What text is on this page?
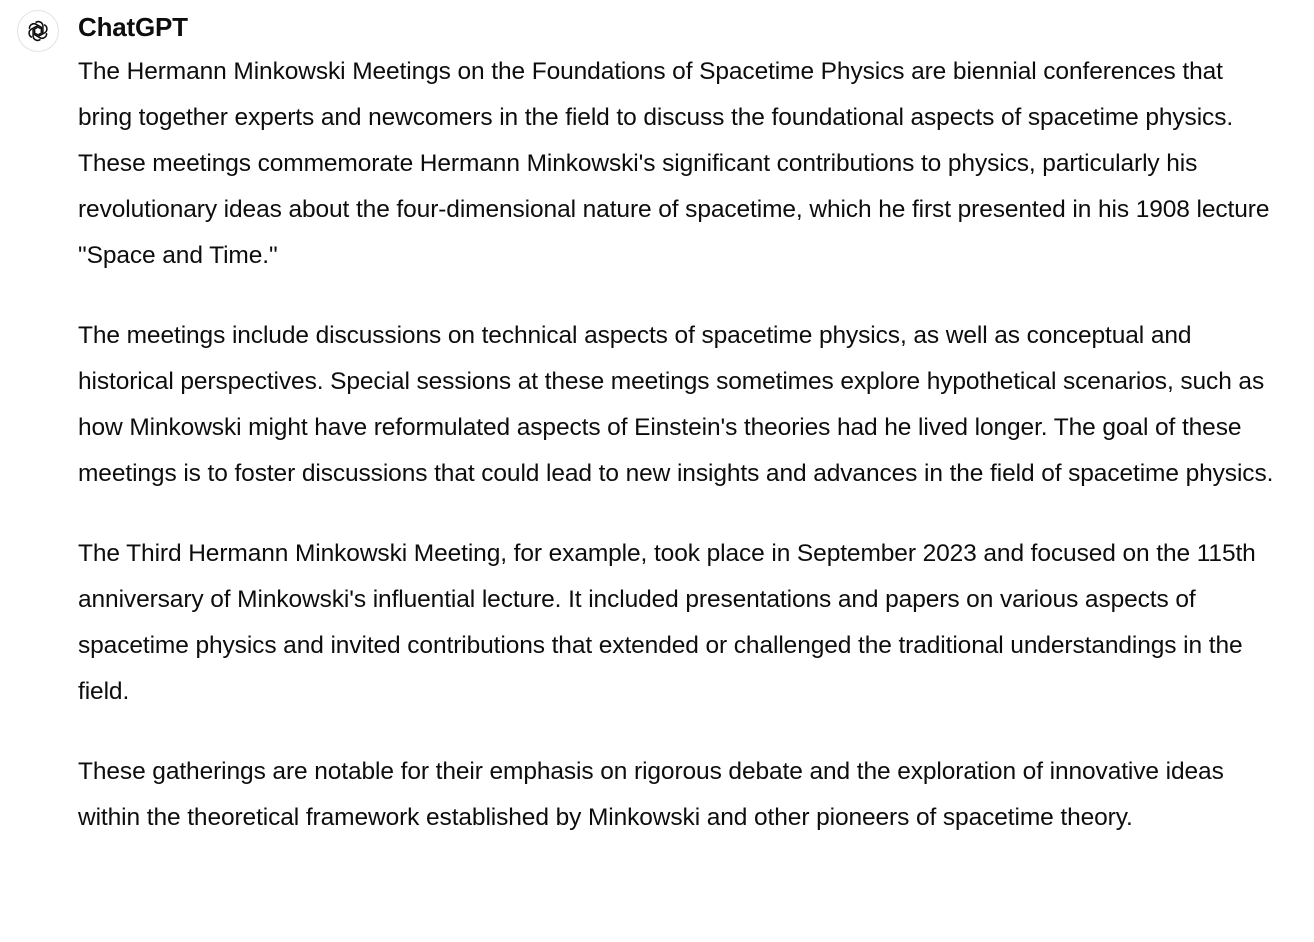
ChatGPT

The Hermann Minkowski Meetings on the Foundations of Spacetime Physics are biennial conferences that bring together experts and newcomers in the field to discuss the foundational aspects of spacetime physics. These meetings commemorate Hermann Minkowski's significant contributions to physics, particularly his revolutionary ideas about the four-dimensional nature of spacetime, which he first presented in his 1908 lecture "Space and Time."

The meetings include discussions on technical aspects of spacetime physics, as well as conceptual and historical perspectives. Special sessions at these meetings sometimes explore hypothetical scenarios, such as how Minkowski might have reformulated aspects of Einstein's theories had he lived longer. The goal of these meetings is to foster discussions that could lead to new insights and advances in the field of spacetime physics.

The Third Hermann Minkowski Meeting, for example, took place in September 2023 and focused on the 115th anniversary of Minkowski's influential lecture. It included presentations and papers on various aspects of spacetime physics and invited contributions that extended or challenged the traditional understandings in the field.

These gatherings are notable for their emphasis on rigorous debate and the exploration of innovative ideas within the theoretical framework established by Minkowski and other pioneers of spacetime theory.
